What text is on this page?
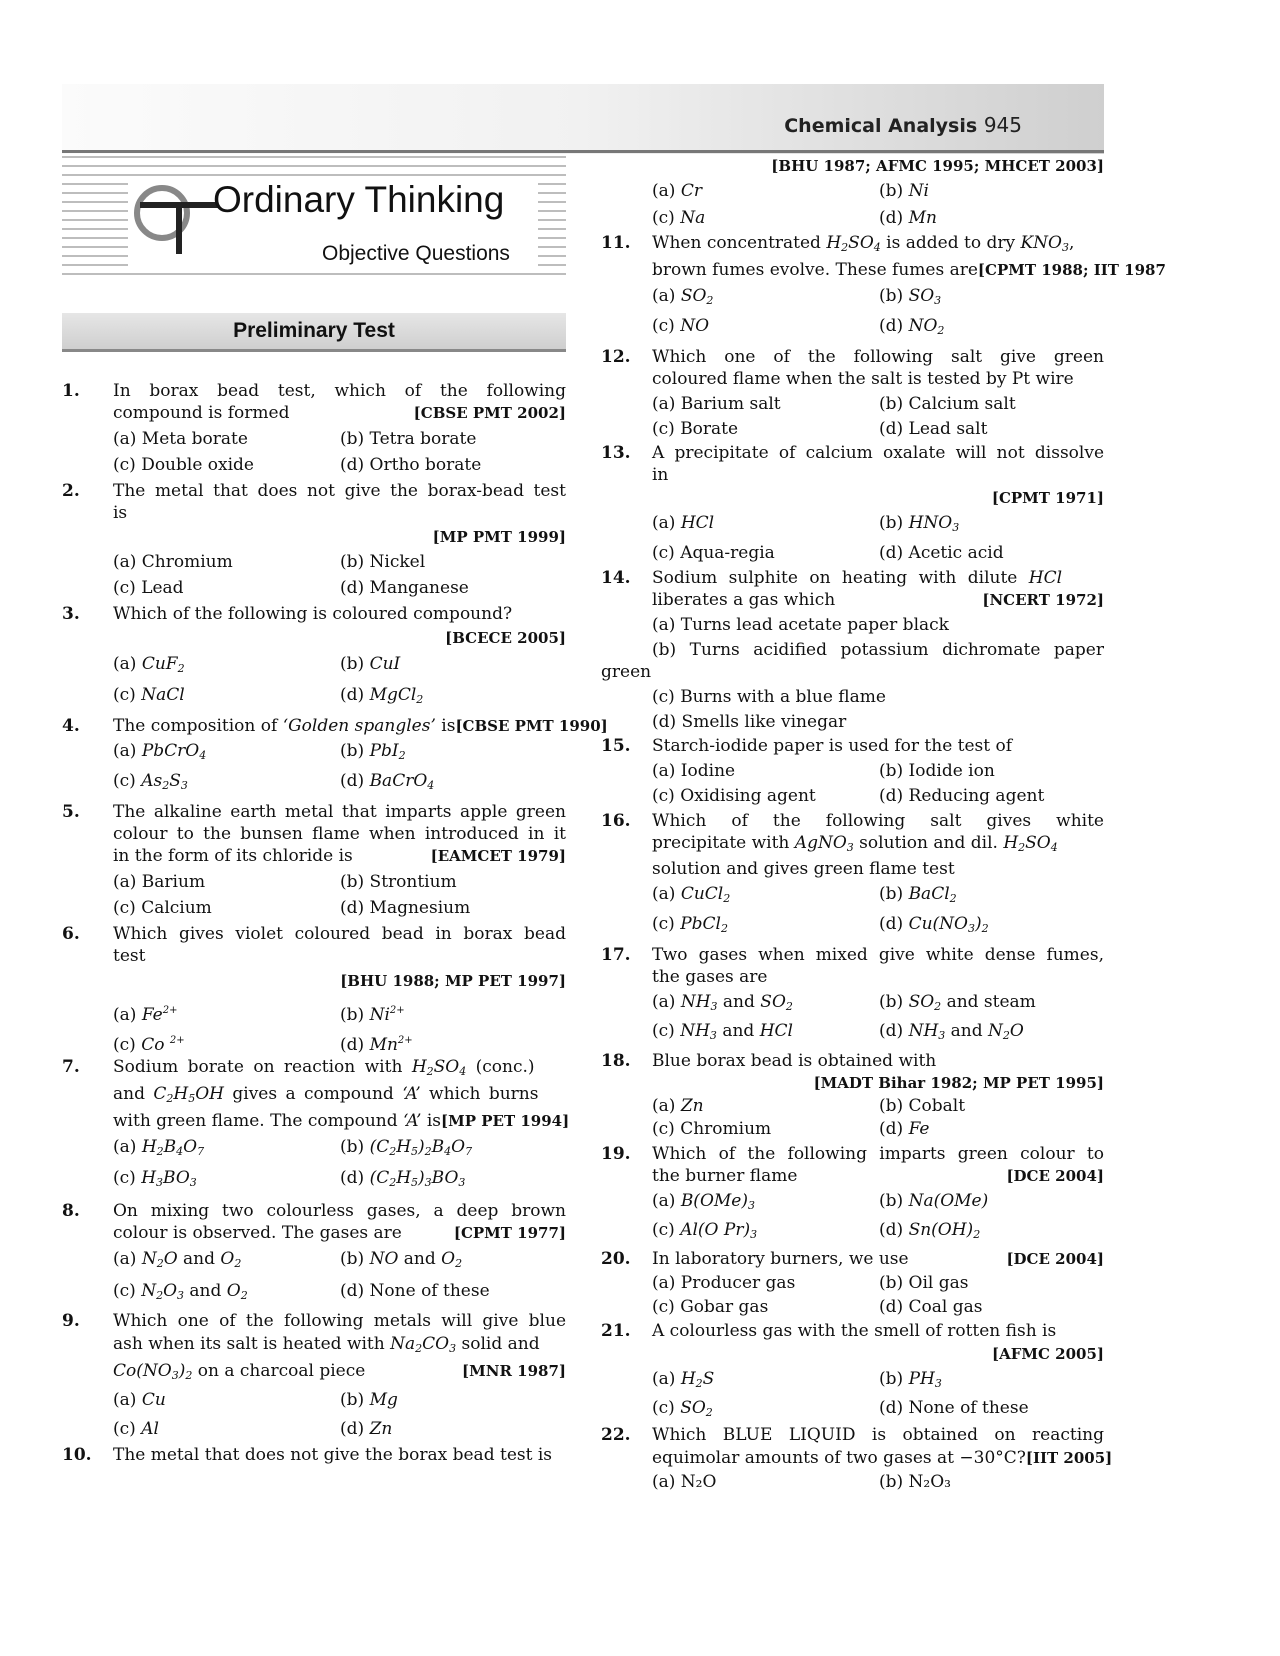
Chemical Analysis 945
Ordinary Thinking
Objective Questions
Preliminary Test
1. In borax bead test, which of the following
compound is formed	[CBSE PMT 2002]
(a) Meta borate	(b) Tetra borate
(c) Double oxide	(d) Ortho borate
2. The metal that does not give the borax-bead test
is
[MP PMT 1999]
(a) Chromium	(b) Nickel
(c) Lead	(d) Manganese
3. Which of the following is coloured compound?
[BCECE 2005]
(a) CuF$_2$	(b) CuI
(c) NaCl	(d) MgCl$_2$
4. The composition of ‘Golden spangles’ is[CBSE PMT 1990]
(a) PbCrO$_4$	(b) PbI$_2$
(c) $As_2S_3$	(d) BaCrO$_4$
5. The alkaline earth metal that imparts apple green
colour to the bunsen flame when introduced in it
in the form of its chloride is	[EAMCET 1979]
(a) Barium	(b) Strontium
(c) Calcium	(d) Magnesium
6. Which gives violet coloured bead in borax bead
test
[BHU 1988; MP PET 1997]
(a) $Fe^{2+}$	(b) $Ni^{2+}$
(c) Co $^{2+}$	(d) $Mn^{2+}$
7. Sodium borate on reaction with $H_2SO_4$ (conc.)
and $C_2H_5OH$ gives a compound ‘A’ which burns
with green flame. The compound ‘A’ is[MP PET 1994]
(a) $H_2B_4O_7$	(b) $(C_2H_5)_2B_4O_7$
(c) $H_3BO_3$	(d) $(C_2H_5)_3BO_3$
8. On mixing two colourless gases, a deep brown
colour is observed. The gases are	[CPMT 1977]
(a) $N_2O$ and $O_2$	(b) NO and $O_2$
(c) $N_2O_3$ and $O_2$	(d) None of these
9. Which one of the following metals will give blue
ash when its salt is heated with $Na_2CO_3$ solid and
$Co(NO_3)_2$ on a charcoal piece	[MNR 1987]
(a) Cu	(b) Mg
(c) Al	(d) Zn
10. The metal that does not give the borax bead test is
[BHU 1987; AFMC 1995; MHCET 2003]
(a) Cr	(b) Ni
(c) Na	(d) Mn
11. When concentrated $H_2SO_4$ is added to dry $KNO_3$,
brown fumes evolve. These fumes are[CPMT 1988; IIT 1987
(a) $SO_2$	(b) $SO_3$
(c) NO	(d) $NO_2$
12. Which one of the following salt give green
coloured flame when the salt is tested by Pt wire
(a) Barium salt	(b) Calcium salt
(c) Borate	(d) Lead salt
13. A precipitate of calcium oxalate will not dissolve
in
[CPMT 1971]
(a) HCl	(b) $HNO_3$
(c) Aqua-regia	(d) Acetic acid
14. Sodium sulphite on heating with dilute HCl
liberates a gas which	[NCERT 1972]
(a) Turns lead acetate paper black
(b) Turns acidified potassium dichromate paper
green
(c) Burns with a blue flame
(d) Smells like vinegar
15. Starch-iodide paper is used for the test of
(a) Iodine	(b) Iodide ion
(c) Oxidising agent	(d) Reducing agent
16. Which of the following salt gives white
precipitate with AgNO$_3$ solution and dil. $H_2SO_4$
solution and gives green flame test
(a) CuCl$_2$	(b) BaCl$_2$
(c) PbCl$_2$	(d) $Cu(NO_3)_2$
17. Two gases when mixed give white dense fumes,
the gases are
(a) $NH_3$ and $SO_2$	(b) $SO_2$ and steam
(c) $NH_3$ and HCl	(d) $NH_3$ and $N_2O$
18. Blue borax bead is obtained with
[MADT Bihar 1982; MP PET 1995]
(a) Zn	(b) Cobalt
(c) Chromium	(d) Fe
19. Which of the following imparts green colour to
the burner flame	[DCE 2004]
(a) $B(OMe)_3$	(b) Na(OMe)
(c) Al(O $Pr)_3$	(d) $Sn(OH)_2$
20. In laboratory burners, we use	[DCE 2004]
(a) Producer gas	(b) Oil gas
(c) Gobar gas	(d) Coal gas
21. A colourless gas with the smell of rotten fish is
[AFMC 2005]
(a) $H_2S$	(b) $PH_3$
(c) $SO_2$	(d) None of these
22. Which BLUE LIQUID is obtained on reacting
equimolar amounts of two gases at −30°C?[IIT 2005]
(a) N₂O	(b) N₂O₃
